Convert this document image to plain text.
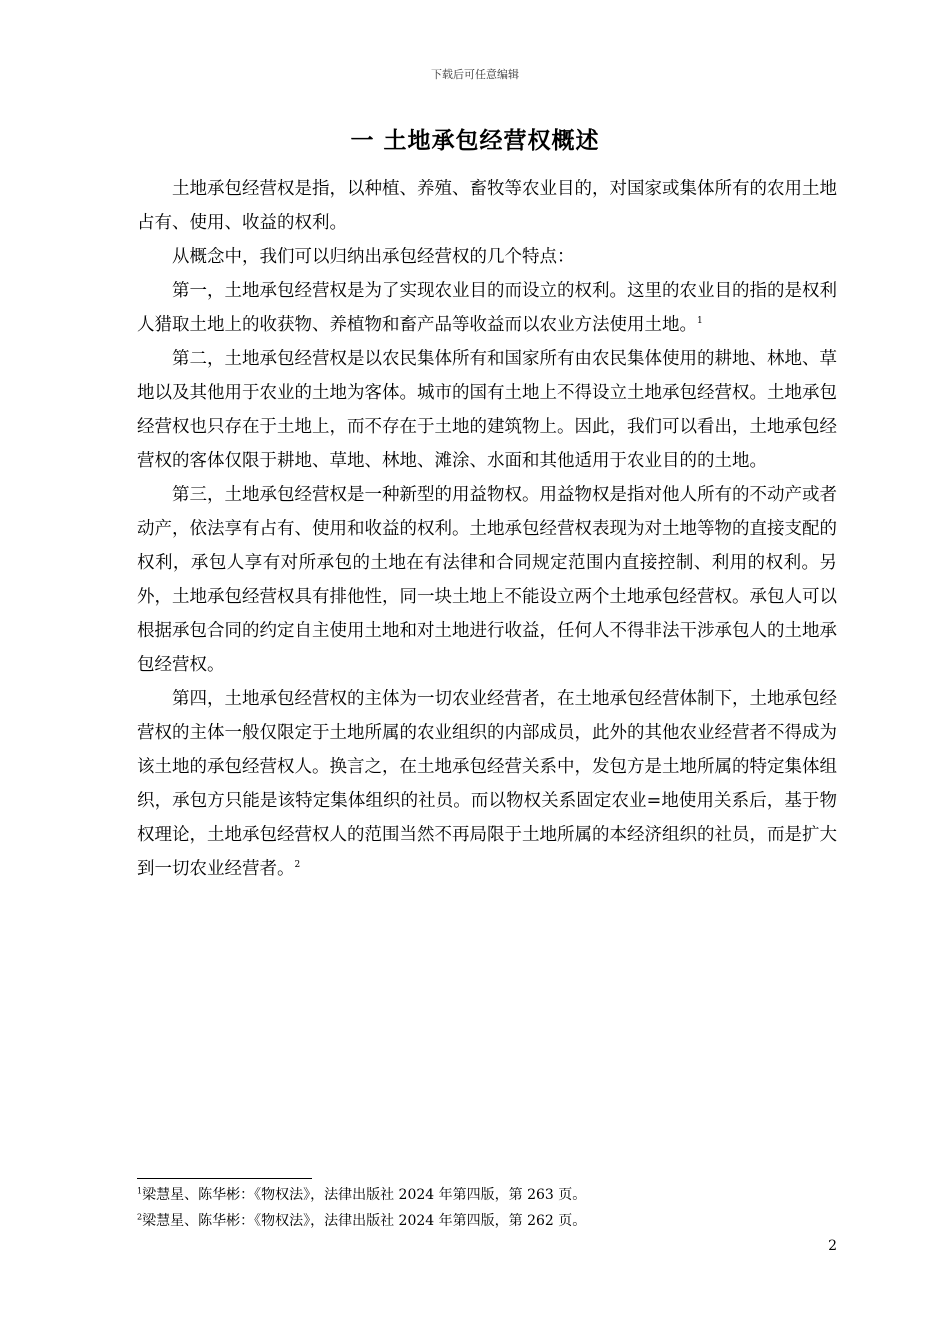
下载后可任意编辑
一 土地承包经营权概述

土地承包经营权是指，以种植、养殖、畜牧等农业目的，对国家或集体所有的农用土地占有、使用、收益的权利。

从概念中，我们可以归纳出承包经营权的几个特点：

第一，土地承包经营权是为了实现农业目的而设立的权利。这里的农业目的指的是权利人猎取土地上的收获物、养植物和畜产品等收益而以农业方法使用土地。$^1$

第二，土地承包经营权是以农民集体所有和国家所有由农民集体使用的耕地、林地、草地以及其他用于农业的土地为客体。城市的国有土地上不得设立土地承包经营权。土地承包经营权也只存在于土地上，而不存在于土地的建筑物上。因此，我们可以看出，土地承包经营权的客体仅限于耕地、草地、林地、滩涂、水面和其他适用于农业目的的土地。

第三，土地承包经营权是一种新型的用益物权。用益物权是指对他人所有的不动产或者动产，依法享有占有、使用和收益的权利。土地承包经营权表现为对土地等物的直接支配的权利，承包人享有对所承包的土地在有法律和合同规定范围内直接控制、利用的权利。另外，土地承包经营权具有排他性，同一块土地上不能设立两个土地承包经营权。承包人可以根据承包合同的约定自主使用土地和对土地进行收益，任何人不得非法干涉承包人的土地承包经营权。

第四，土地承包经营权的主体为一切农业经营者，在土地承包经营体制下，土地承包经营权的主体一般仅限定于土地所属的农业组织的内部成员，此外的其他农业经营者不得成为该土地的承包经营权人。换言之，在土地承包经营关系中，发包方是土地所属的特定集体组织，承包方只能是该特定集体组织的社员。而以物权关系固定农业=地使用关系后，基于物权理论，土地承包经营权人的范围当然不再局限于土地所属的本经济组织的社员，而是扩大到一切农业经营者。$^2$

$^1$梁慧星、陈华彬：《物权法》，法律出版社 2024 年第四版，第 263 页。
$^2$梁慧星、陈华彬：《物权法》，法律出版社 2024 年第四版，第 262 页。
2
